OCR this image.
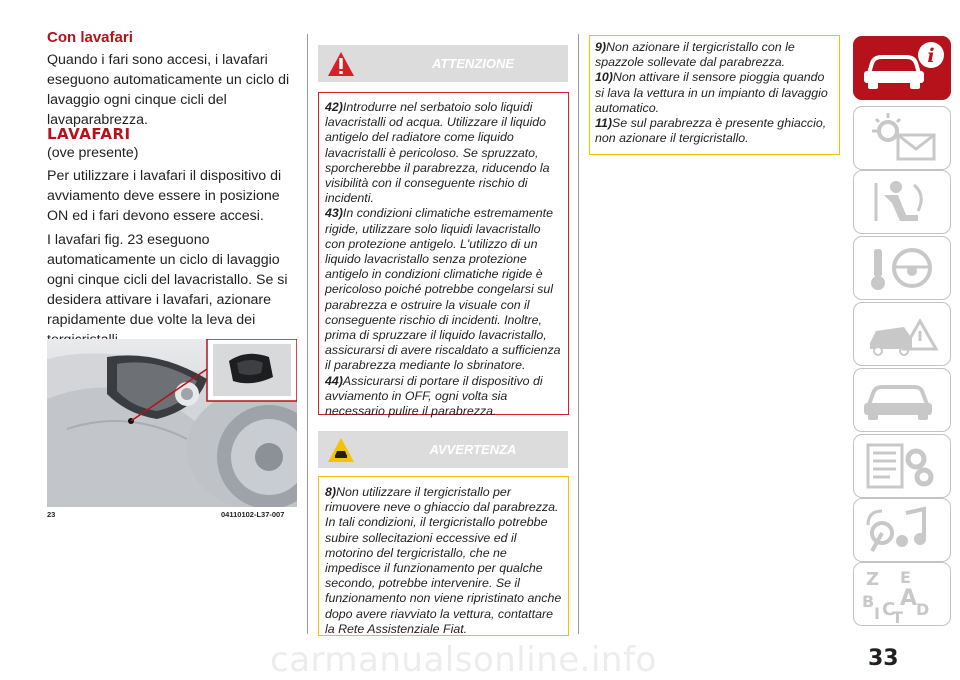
Con lavafari
Quando i fari sono accesi, i lavafari eseguono automaticamente un ciclo di lavaggio ogni cinque cicli del lavaparabrezza.
LAVAFARI
(ove presente)
Per utilizzare i lavafari il dispositivo di avviamento deve essere in posizione ON ed i fari devono essere accesi.
I lavafari fig. 23 eseguono automaticamente un ciclo di lavaggio ogni cinque cicli del lavacristallo. Se si desidera attivare i lavafari, azionare rapidamente due volte la leva dei
23	04110102-L37-007
ATTENZIONE
42)Introdurre nel serbatoio solo liquidi lavacristalli od acqua. Utilizzare il liquido antigelo del radiatore come liquido lavacristalli è pericoloso. Se spruzzato, sporcherebbe il parabrezza, riducendo la visibilità con il conseguente rischio di incidenti.
43)In condizioni climatiche estremamente rigide, utilizzare solo liquidi lavacristallo con protezione antigelo. L'utilizzo di un liquido lavacristallo senza protezione antigelo in condizioni climatiche rigide è pericoloso poiché potrebbe congelarsi sul parabrezza e ostruire la visuale con il conseguente rischio di incidenti. Inoltre, prima di spruzzare il liquido lavacristallo, assicurarsi di avere riscaldato a sufficienza il parabrezza mediante lo sbrinatore.
44)Assicurarsi di portare il dispositivo di avviamento in OFF, ogni volta sia necessario pulire il parabrezza.
AVVERTENZA
8)Non utilizzare il tergicristallo per rimuovere neve o ghiaccio dal parabrezza. In tali condizioni, il tergicristallo potrebbe subire sollecitazioni eccessive ed il motorino del tergicristallo, che ne impedisce il funzionamento per qualche secondo, potrebbe intervenire. Se il funzionamento non viene ripristinato anche dopo avere riavviato la vettura, contattare la Rete Assistenziale Fiat.
9)Non azionare il tergicristallo con le spazzole sollevate dal parabrezza.
10)Non attivare il sensore pioggia quando si lava la vettura in un impianto di lavaggio automatico.
11)Se sul parabrezza è presente ghiaccio, non azionare il tergicristallo.
i
Z E
B A
I C D
T
carmanualsonline.info	33
